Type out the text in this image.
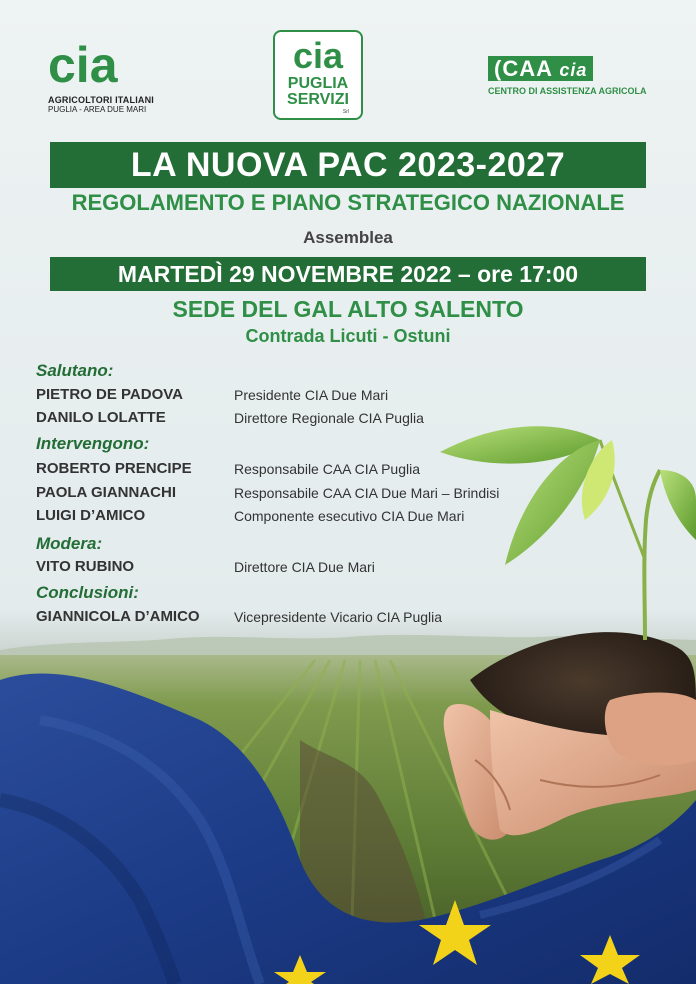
cia
AGRICOLTORI ITALIANI
PUGLIA - AREA DUE MARI
cia
PUGLIA
SERVIZI
Srl
(CAA cia
CENTRO DI ASSISTENZA AGRICOLA
LA NUOVA PAC 2023-2027
REGOLAMENTO E PIANO STRATEGICO NAZIONALE
Assemblea
MARTEDÌ 29 NOVEMBRE 2022 – ore 17:00
SEDE DEL GAL ALTO SALENTO
Contrada Licuti - Ostuni
Salutano:
PIETRO DE PADOVA	Presidente CIA Due Mari
DANILO LOLATTE	Direttore Regionale CIA Puglia
Intervengono:
ROBERTO PRENCIPE	Responsabile CAA CIA Puglia
PAOLA GIANNACHI	Responsabile CAA CIA Due Mari – Brindisi
LUIGI D’AMICO	Componente esecutivo CIA Due Mari
Modera:
VITO RUBINO	Direttore CIA Due Mari
Conclusioni:
GIANNICOLA D’AMICO Vicepresidente Vicario CIA Puglia
